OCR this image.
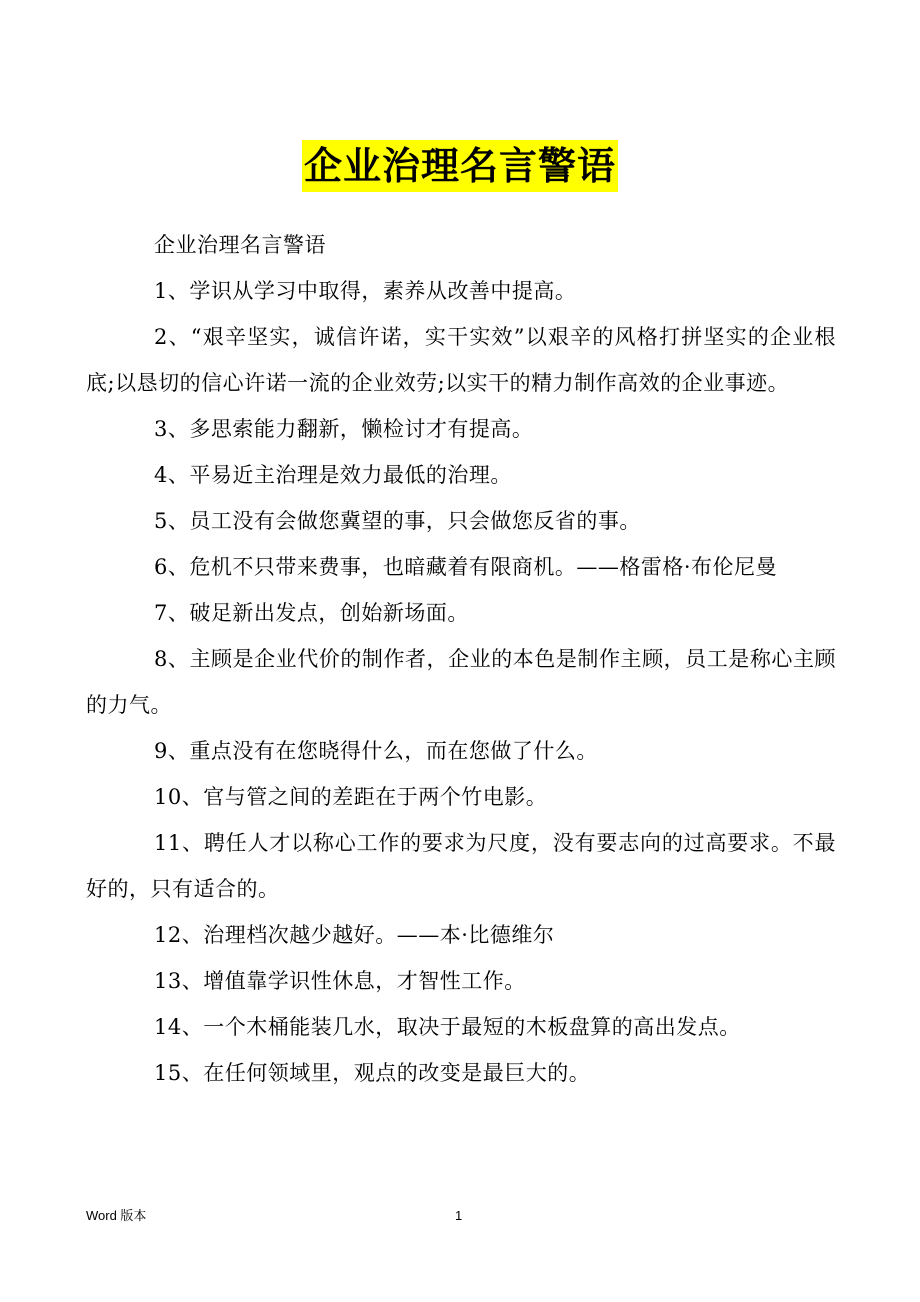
企业治理名言警语

企业治理名言警语

1、学识从学习中取得，素养从改善中提高。

2、“艰辛坚实，诚信许诺，实干实效”以艰辛的风格打拼坚实的企业根底;以恳切的信心许诺一流的企业效劳;以实干的精力制作高效的企业事迹。

3、多思索能力翻新，懒检讨才有提高。

4、平易近主治理是效力最低的治理。

5、员工没有会做您冀望的事，只会做您反省的事。

6、危机不只带来费事，也暗藏着有限商机。——格雷格·布伦尼曼

7、破足新出发点，创始新场面。

8、主顾是企业代价的制作者，企业的本色是制作主顾，员工是称心主顾的力气。

9、重点没有在您晓得什么，而在您做了什么。

10、官与管之间的差距在于两个竹电影。

11、聘任人才以称心工作的要求为尺度，没有要志向的过高要求。不最好的，只有适合的。

12、治理档次越少越好。——本·比德维尔

13、增值靠学识性休息，才智性工作。

14、一个木桶能装几水，取决于最短的木板盘算的高出发点。

15、在任何领域里，观点的改变是最巨大的。

Word 版本	1
